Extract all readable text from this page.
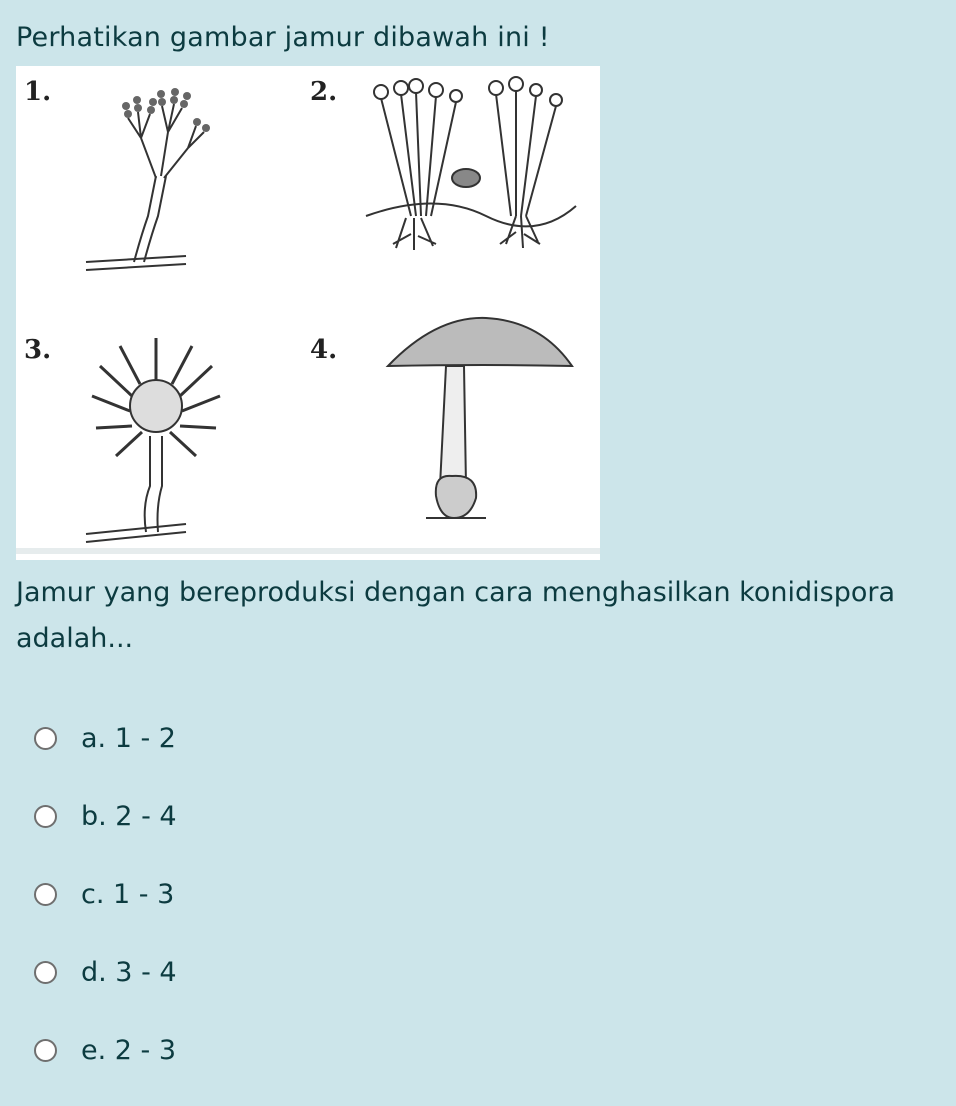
Perhatikan gambar jamur dibawah ini !
1.	2.
3.	4.
Jamur yang bereproduksi dengan cara menghasilkan konidispora adalah...
a. 1 - 2
b. 2 - 4
c. 1 - 3
d. 3 - 4
e. 2 - 3
